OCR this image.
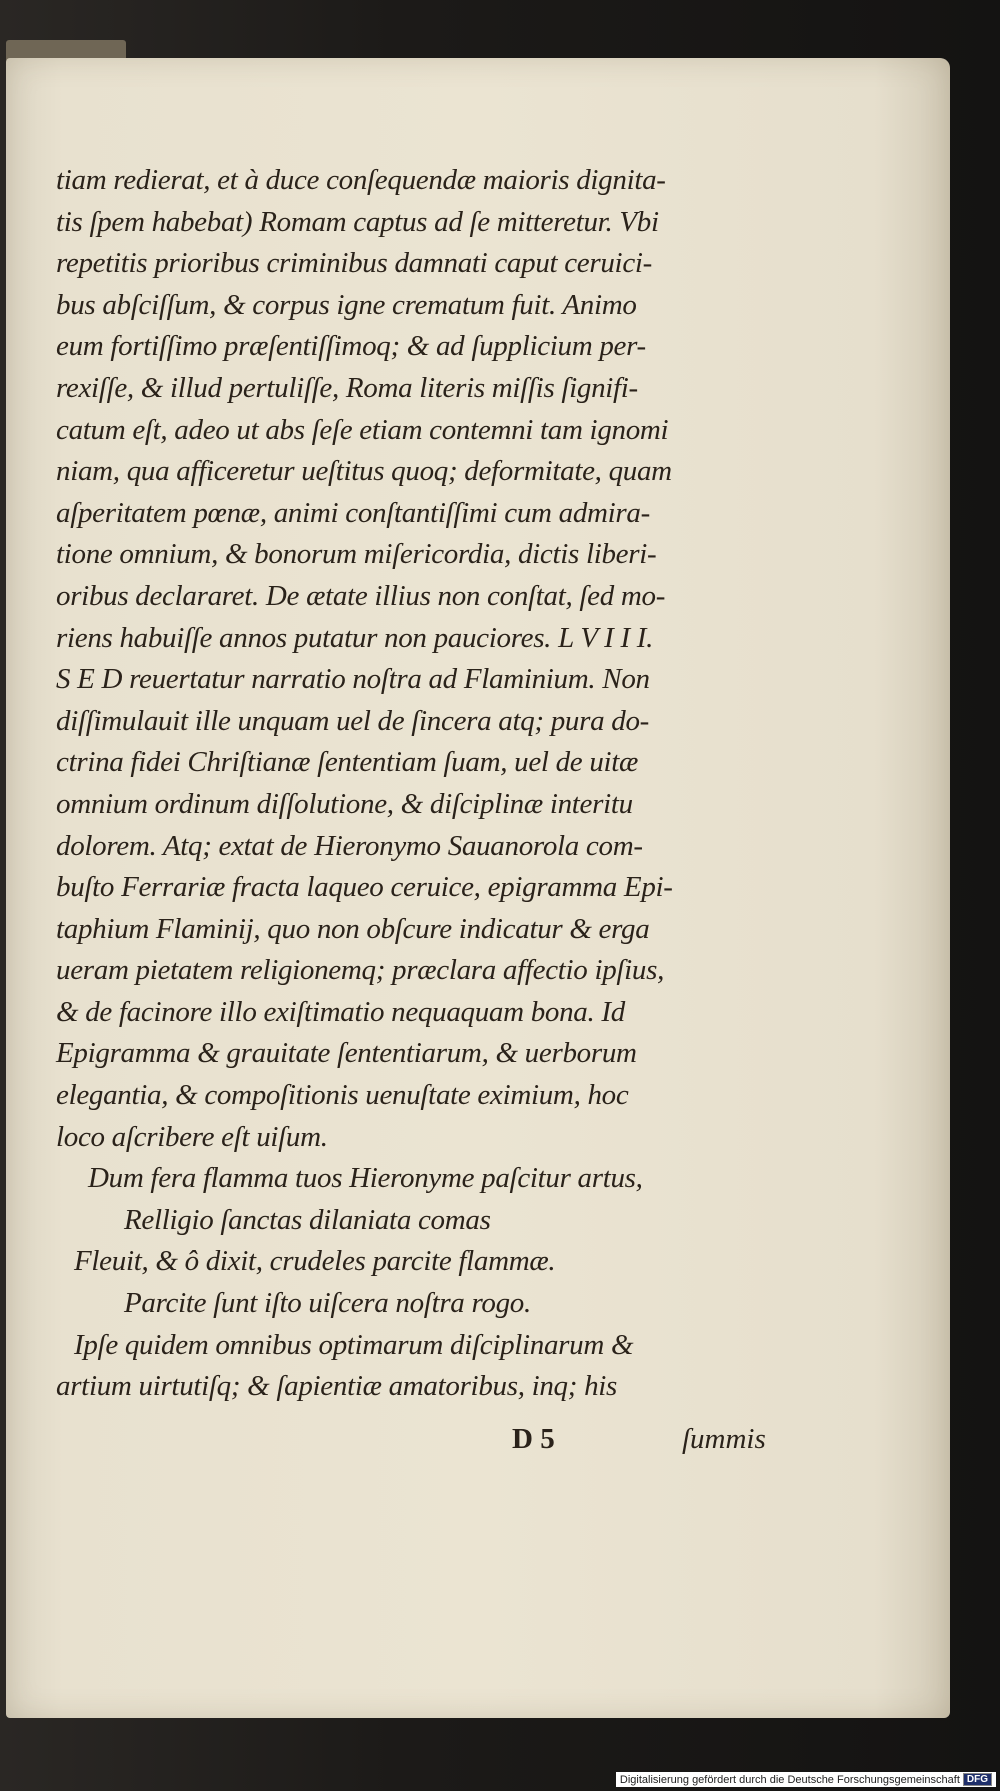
tiam redierat, et à duce conſequendæ maioris dignita-
tis ſpem habebat) Romam captus ad ſe mitteretur. Vbi
repetitis prioribus criminibus damnati caput ceruici-
bus abſciſſum, & corpus igne crematum fuit. Animo
eum fortiſſimo præſentiſſimoq; & ad ſupplicium per-
rexiſſe, & illud pertuliſſe, Roma literis miſſis ſignifi-
catum eſt, adeo ut abs ſeſe etiam contemni tam ignomi
niam, qua afficeretur ueſtitus quoq; deformitate, quam
aſperitatem pœnæ, animi conſtantiſſimi cum admira-
tione omnium, & bonorum miſericordia, dictis liberi-
oribus declararet. De ætate illius non conſtat, ſed mo-
riens habuiſſe annos putatur non pauciores. L V I I I.
S E D reuertatur narratio noſtra ad Flaminium. Non
diſſimulauit ille unquam uel de ſincera atq; pura do-
ctrina fidei Chriſtianæ ſententiam ſuam, uel de uitæ
omnium ordinum diſſolutione, & diſciplinæ interitu
dolorem. Atq; extat de Hieronymo Sauanorola com-
buſto Ferrariæ fracta laqueo ceruice, epigramma Epi-
taphium Flaminij, quo non obſcure indicatur & erga
ueram pietatem religionemq; præclara affectio ipſius,
& de facinore illo exiſtimatio nequaquam bona. Id
Epigramma & grauitate ſententiarum, & uerborum
elegantia, & compoſitionis uenuſtate eximium, hoc
loco aſcribere eſt uiſum.
Dum fera flamma tuos Hieronyme paſcitur artus,
Relligio ſanctas dilaniata comas
Fleuit, & ô dixit, crudeles parcite flammæ.
Parcite ſunt iſto uiſcera noſtra rogo.
Ipſe quidem omnibus optimarum diſciplinarum &
artium uirtutiſq; & ſapientiæ amatoribus, inq; his
D 5	ſummis
Digitalisierung gefördert durch die Deutsche Forschungsgemeinschaft DFG
